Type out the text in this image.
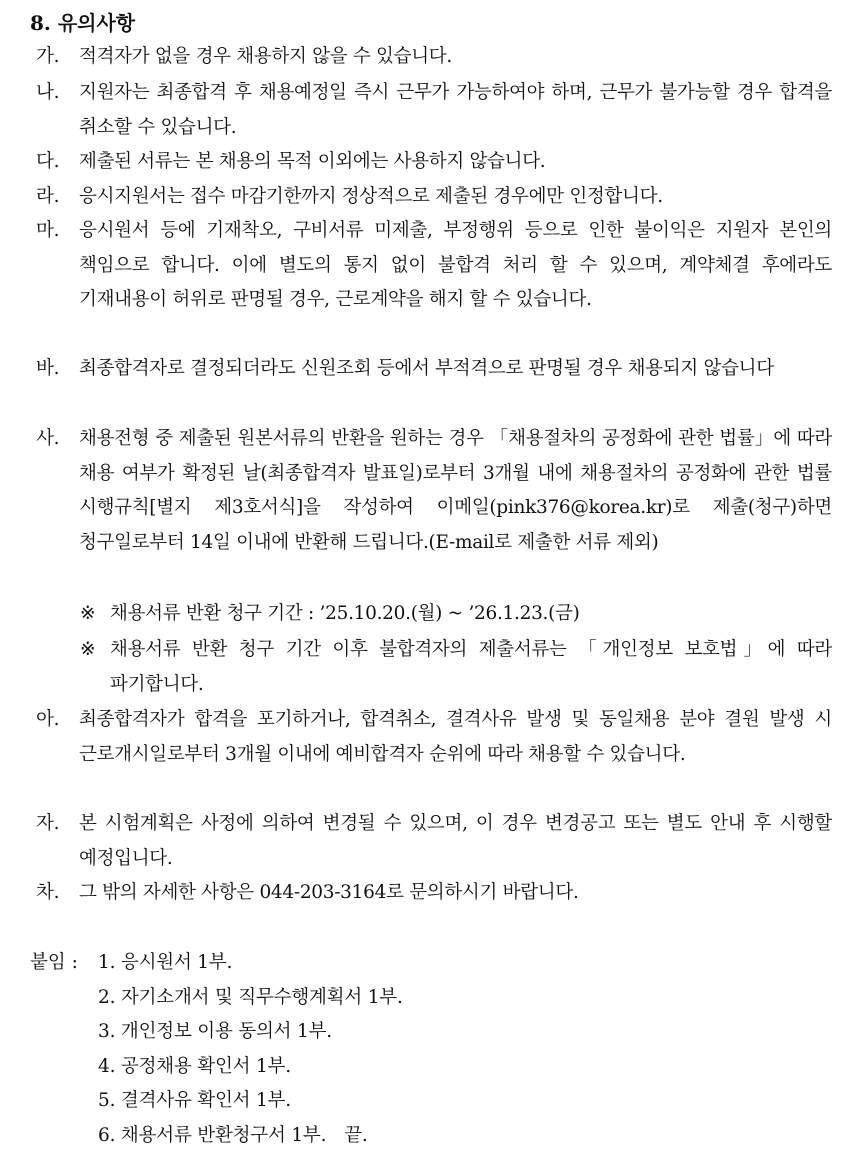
8. 유의사항
가. 적격자가 없을 경우 채용하지 않을 수 있습니다.
나. 지원자는 최종합격 후 채용예정일 즉시 근무가 가능하여야 하며, 근무가 불가능할 경우 합격을 취소할 수 있습니다.
다. 제출된 서류는 본 채용의 목적 이외에는 사용하지 않습니다.
라. 응시지원서는 접수 마감기한까지 정상적으로 제출된 경우에만 인정합니다.
마. 응시원서 등에 기재착오, 구비서류 미제출, 부정행위 등으로 인한 불이익은 지원자 본인의 책임으로 합니다. 이에 별도의 통지 없이 불합격 처리 할 수 있으며, 계약체결 후에라도 기재내용이 허위로 판명될 경우, 근로계약을 해지 할 수 있습니다.
바. 최종합격자로 결정되더라도 신원조회 등에서 부적격으로 판명될 경우 채용되지 않습니다
사. 채용전형 중 제출된 원본서류의 반환을 원하는 경우 「채용절차의 공정화에 관한 법률」에 따라 채용 여부가 확정된 날(최종합격자 발표일)로부터 3개월 내에 채용절차의 공정화에 관한 법률 시행규칙[별지 제3호서식]을 작성하여 이메일(pink376@korea.kr)로 제출(청구)하면 청구일로부터 14일 이내에 반환해 드립니다.(E-mail로 제출한 서류 제외)
※ 채용서류 반환 청구 기간 : ’25.10.20.(월) ~ ’26.1.23.(금)
※ 채용서류 반환 청구 기간 이후 불합격자의 제출서류는 「개인정보 보호법」에 따라 파기합니다.
아. 최종합격자가 합격을 포기하거나, 합격취소, 결격사유 발생 및 동일채용 분야 결원 발생 시 근로개시일로부터 3개월 이내에 예비합격자 순위에 따라 채용할 수 있습니다.
자. 본 시험계획은 사정에 의하여 변경될 수 있으며, 이 경우 변경공고 또는 별도 안내 후 시행할 예정입니다.
차. 그 밖의 자세한 사항은 044-203-3164로 문의하시기 바랍니다.
붙임 : 1. 응시원서 1부.
2. 자기소개서 및 직무수행계획서 1부.
3. 개인정보 이용 동의서 1부.
4. 공정채용 확인서 1부.
5. 결격사유 확인서 1부.
6. 채용서류 반환청구서 1부. 끝.
